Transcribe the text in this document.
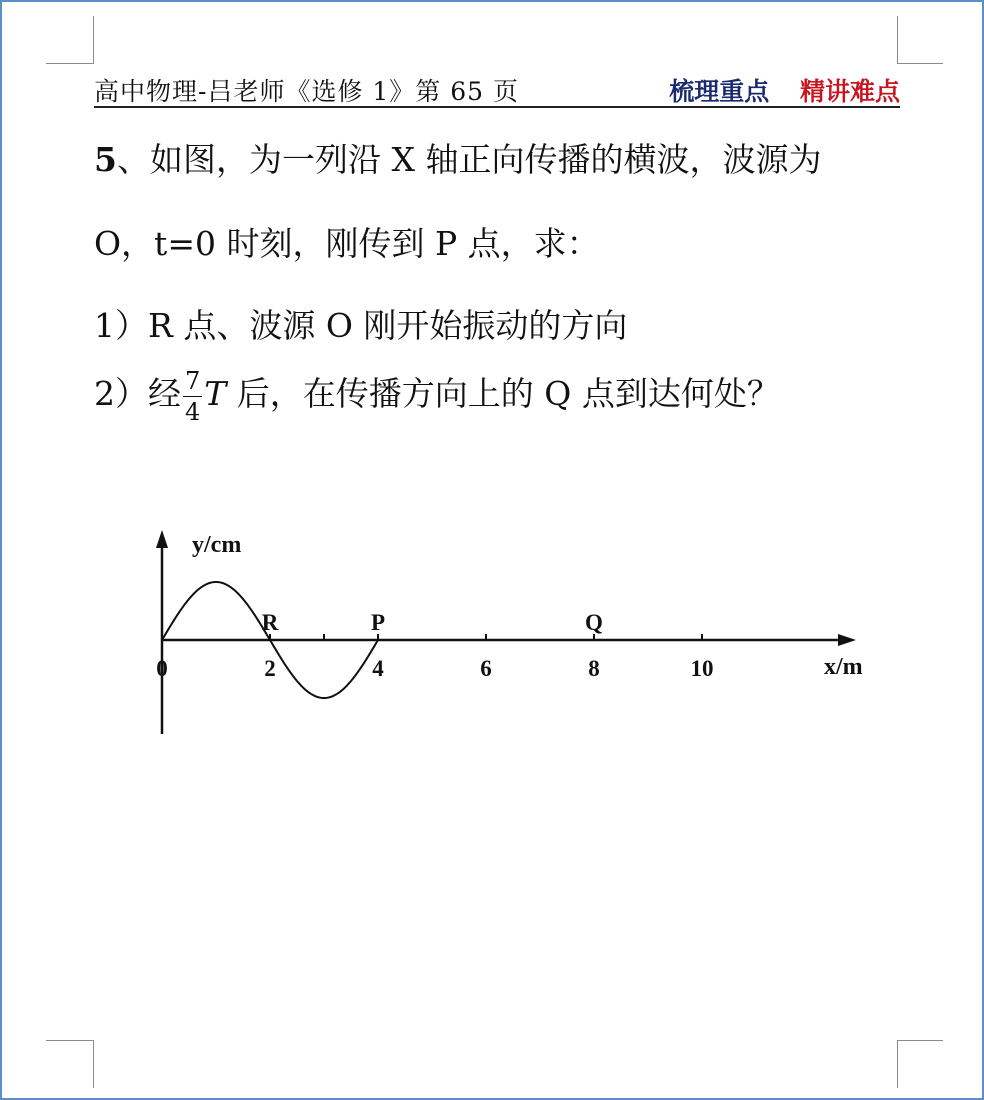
高中物理-吕老师《选修 1》第 65 页	梳理重点 精讲难点
5、如图，为一列沿 X 轴正向传播的横波，波源为
O，t=0 时刻，刚传到 P 点，求：
1）R 点、波源 O 刚开始振动的方向
2）经 $\frac{7}{4}$ T 后，在传播方向上的 Q 点到达何处？
0	2	4	6	8	10
R	P	Q
y/cm
x/m
